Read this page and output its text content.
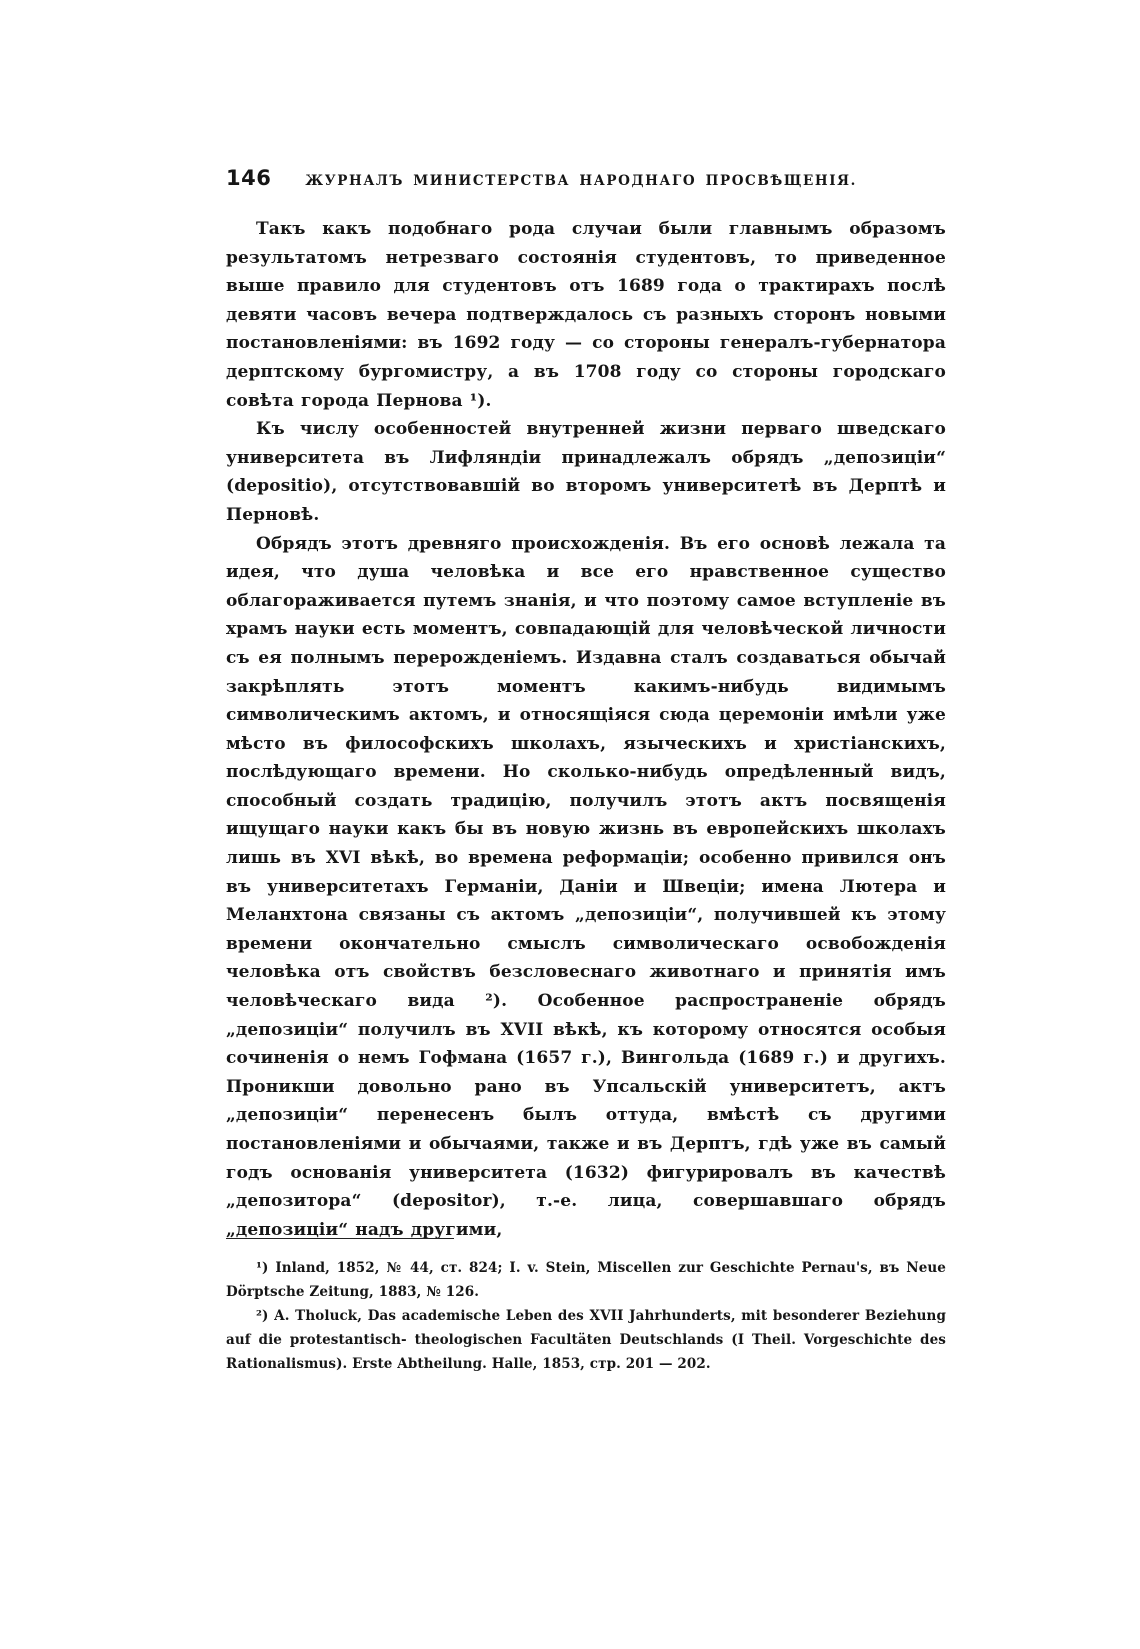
146	ЖУРНАЛЪ МИНИСТЕРСТВА НАРОДНАГО ПРОСВѢЩЕНІЯ.

Такъ какъ подобнаго рода случаи были главнымъ образомъ результатомъ нетрезваго состоянія студентовъ, то приведенное выше правило для студентовъ отъ 1689 года о трактирахъ послѣ девяти часовъ вечера подтверждалось съ разныхъ сторонъ новыми постановленіями: въ 1692 году — со стороны генералъ-губернатора дерптскому бургомистру, а въ 1708 году со стороны городскаго совѣта города Пернова ¹).

Къ числу особенностей внутренней жизни перваго шведскаго университета въ Лифляндіи принадлежалъ обрядъ „депозиціи“ (depositio), отсутствовавшій во второмъ университетѣ въ Дерптѣ и Перновѣ.

Обрядъ этотъ древняго происхожденія. Въ его основѣ лежала та идея, что душа человѣка и все его нравственное существо облагораживается путемъ знанія, и что поэтому самое вступленіе въ храмъ науки есть моментъ, совпадающій для человѣческой личности съ ея полнымъ перерожденіемъ. Издавна сталъ создаваться обычай закрѣплять этотъ моментъ какимъ-нибудь видимымъ символическимъ актомъ, и относящіяся сюда церемоніи имѣли уже мѣсто въ философскихъ школахъ, языческихъ и христіанскихъ, послѣдующаго времени. Но сколько-нибудь опредѣленный видъ, способный создать традицію, получилъ этотъ актъ посвященія ищущаго науки какъ бы въ новую жизнь въ европейскихъ школахъ лишь въ XVI вѣкѣ, во времена реформаціи; особенно привился онъ въ университетахъ Германіи, Даніи и Швеціи; имена Лютера и Меланхтона связаны съ актомъ „депозиціи“, получившей къ этому времени окончательно смыслъ символическаго освобожденія человѣка отъ свойствъ безсловеснаго животнаго и принятія имъ человѣческаго вида ²). Особенное распространеніе обрядъ „депозиціи“ получилъ въ XVII вѣкѣ, къ которому относятся особыя сочиненія о немъ Гофмана (1657 г.), Вингольда (1689 г.) и другихъ. Проникши довольно рано въ Упсальскій университетъ, актъ „депозиціи“ перенесенъ былъ оттуда, вмѣстѣ съ другими постановленіями и обычаями, также и въ Дерптъ, гдѣ уже въ самый годъ основанія университета (1632) фигурировалъ въ качествѣ „депозитора“ (depositor), т.-е. лица, совершавшаго обрядъ „депозиціи“ надъ другими,

¹) Inland, 1852, № 44, ст. 824; I. v. Stein, Miscellen zur Geschichte Pernau's, въ Neue Dörptsche Zeitung, 1883, № 126.

²) A. Tholuck, Das academische Leben des XVII Jahrhunderts, mit besonderer Beziehung auf die protestantisch- theologischen Facultäten Deutschlands (I Theil. Vorgeschichte des Rationalismus). Erste Abtheilung. Halle, 1853, стр. 201 — 202.
